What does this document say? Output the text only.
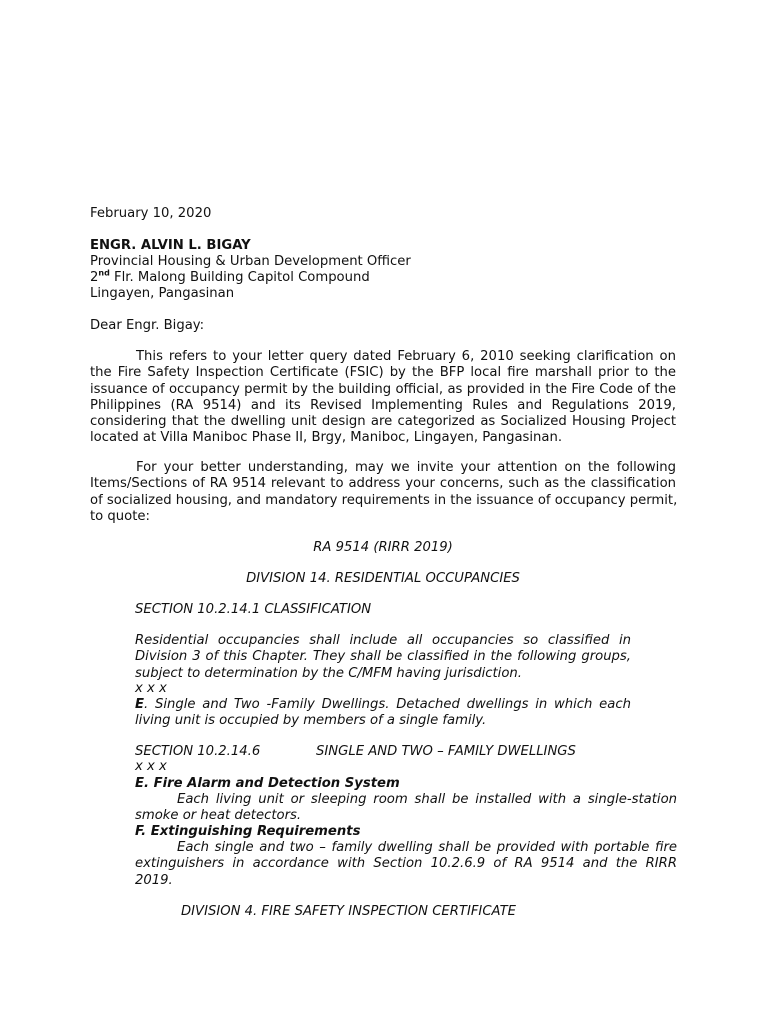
February 10, 2020
ENGR. ALVIN L. BIGAY
Provincial Housing & Urban Development Officer
2nd Flr. Malong Building Capitol Compound
Lingayen, Pangasinan
Dear Engr. Bigay:
This refers to your letter query dated February 6, 2010 seeking clarification on
the Fire Safety Inspection Certificate (FSIC) by the BFP local fire marshall prior to the
issuance of occupancy permit by the building official, as provided in the Fire Code of the
Philippines (RA 9514) and its Revised Implementing Rules and Regulations 2019,
considering that the dwelling unit design are categorized as Socialized Housing Project
located at Villa Maniboc Phase II, Brgy, Maniboc, Lingayen, Pangasinan.
For your better understanding, may we invite your attention on the following
Items/Sections of RA 9514 relevant to address your concerns, such as the classification
of socialized housing, and mandatory requirements in the issuance of occupancy permit,
to quote:
RA 9514 (RIRR 2019)
DIVISION 14. RESIDENTIAL OCCUPANCIES
SECTION 10.2.14.1 CLASSIFICATION
Residential occupancies shall include all occupancies so classified in
Division 3 of this Chapter. They shall be classified in the following groups,
subject to determination by the C/MFM having jurisdiction.
x x x
E. Single and Two -Family Dwellings. Detached dwellings in which each
living unit is occupied by members of a single family.
SECTION 10.2.14.6	SINGLE AND TWO – FAMILY DWELLINGS
x x x
E. Fire Alarm and Detection System
Each living unit or sleeping room shall be installed with a single-station
smoke or heat detectors.
F. Extinguishing Requirements
Each single and two – family dwelling shall be provided with portable fire
extinguishers in accordance with Section 10.2.6.9 of RA 9514 and the RIRR
2019.
DIVISION 4. FIRE SAFETY INSPECTION CERTIFICATE
